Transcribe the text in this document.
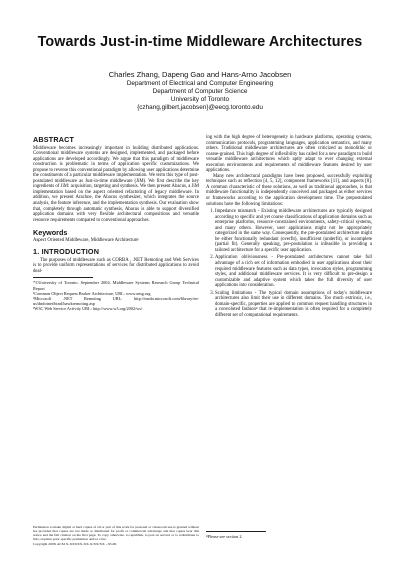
Towards Just-in-time Middleware Architectures
Charles Zhang, Dapeng Gao and Hans-Arno Jacobsen
Department of Electrical and Computer Engineering
Department of Computer Science
University of Toronto
{czhang,gilbert,jacobsen}@eecg.toronto.edu
ABSTRACT

Middleware becomes increasingly important in building distributed applications. Conventional middleware systems are designed, implemented, and packaged before applications are developed accordingly. We argue that this paradigm of middleware construction is problematic in terms of application specific customizations. We propose to reverse this conventional paradigm by allowing user applications determine the constituents of a particular middleware implementation. We term this type of post-postulated middleware as Just-in-time middleware (JiM). We first describe the key ingredients of JiM: acquisition, targeting and synthesis. We then present Abacus, a JiM implementation based on the aspect oriented refactoring of legacy middleware. In addition, we present Arachne, the Abacus synthesizer, which integrates the source analysis, the feature inference, and the implementation synthesis. Our evaluation show that, completely through automatic synthesis, Abacus is able to support diversified application domains with very flexible architectural compositions and versatile resource requirements compared to conventional approaches.

Keywords

Aspect Oriented Middleware, Middleware Architecture

1. INTRODUCTION

The purposes of middleware such as CORBA , .NET Remoting and Web Services is to provide uniform representations of services for distributed applications to avoid deal-

*©University of Toronto. September 2004, Middleware Systems Research Group Technical Report
¹Common Object Request Broker Architecture, URL: www.omg.org
²Microsoft .NET Remoting URL: http://msdn.microsoft.com/library/en-us/dndotnet/html/hawkremoting.asp
³W3C Web Service Activity URL: http://www.w3.org/2002/ws/
Permission to make digital or hard copies of all or part of this work for personal or classroom use is granted without fee provided that copies are not made or distributed for profit or commercial advantage and that copies bear this notice and the full citation on the first page. To copy otherwise, to republish, to post on servers or to redistribute to lists, requires prior specific permission and/or a fee.
Copyright 200X ACM X-XXXXX-XX-X/XX/XX ...$5.00.

ing with the high degree of heterogeneity in hardware platforms, operating systems, communication protocols, programming languages, application semantics, and many others. Traditional middleware architectures are often criticized as monolithic or coarse-grained. This high degree of inflexibility has called for a new paradigm to build versatile middleware architectures which aptly adapt to ever changing external execution environments and requirements of middleware features desired by user applications.

Many new architectural paradigms have been proposed, successfully exploiting techniques such as reflection [4, 5, 12], component frameworks [11], and aspects [8]. A common characteristic of these solutions, as well as traditional approaches, is that middleware functionality is independently conceived and packaged as either services or frameworks according to the application development time. The prepostulated solutions have the following limitations:

1. Impedance mismatch - Existing middleware architectures are typically designed according to specific and yet coarse classifications of application domains such as enterprise platforms, resource-constrained environments, safety-critical systems, and many others. However, user applications might not be appropriately categorized in the same way. Consequently, the pre-postulated architecture might be either functionally redundant (overfit), insufficient (underfit), or incomplete (partial fit). Generally speaking, pre-postulation is infeasible in providing a tailored architecture for a specific user application.
2. Application obliviousness - Pre-postulated architectures cannot take full advantage of a rich set of information embodied in user applications about their required middleware features such as data types, invocation styles, programming styles, and additional middleware services. It is very difficult to pre-design a customizable and adaptive system which takes the full diversity of user applications into consideration.
3. Scaling limitations - The typical domain assumptions of today's middleware architectures also limit their use in different domains. Too much extrinsic, i.e., domain-specific, properties are applied to common request handling structures in a convoluted fashion⁴ that re-implementation is often required for a completely different set of computational requirements.
⁴Please see section 2.
